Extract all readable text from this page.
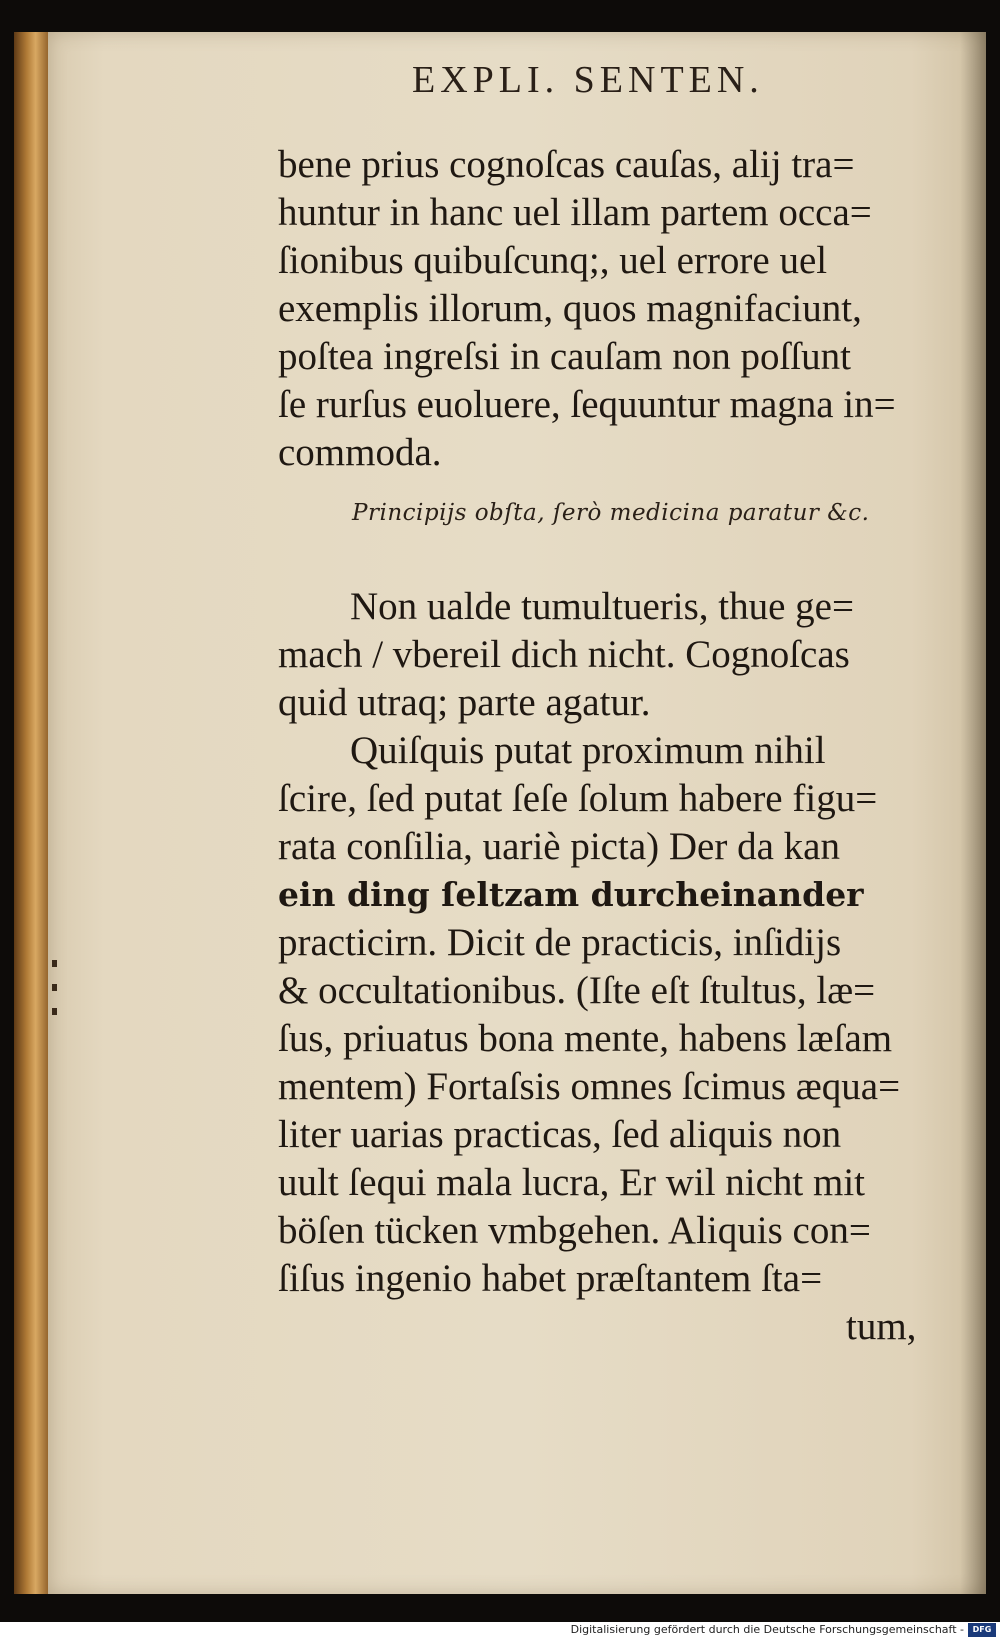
EXPLI. SENTEN.
bene prius cognoſcas cauſas, alij tra=
huntur in hanc uel illam partem occa=
ſionibus quibuſcunq;, uel errore uel
exemplis illorum, quos magnifaciunt,
poſtea ingreſsi in cauſam non poſſunt
ſe rurſus euoluere, ſequuntur magna in=
commoda.
Principijs obſta, ſerò medicina paratur &c.
Non ualde tumultueris, thue ge=
mach / vbereil dich nicht. Cognoſcas
quid utraq; parte agatur.
Quiſquis putat proximum nihil
ſcire, ſed putat ſeſe ſolum habere figu=
rata conſilia, uariè picta) Der da kan
ein ding ſeltzam durcheinander
practicirn. Dicit de practicis, inſidijs
& occultationibus. (Iſte eſt ſtultus, læ=
ſus, priuatus bona mente, habens læſam
mentem) Fortaſsis omnes ſcimus æqua=
liter uarias practicas, ſed aliquis non
uult ſequi mala lucra, Er wil nicht mit
böſen tücken vmbgehen. Aliquis con=
ſiſus ingenio habet præſtantem ſta=
tum,
Digitalisierung gefördert durch die Deutsche Forschungsgemeinschaft -	DFG
